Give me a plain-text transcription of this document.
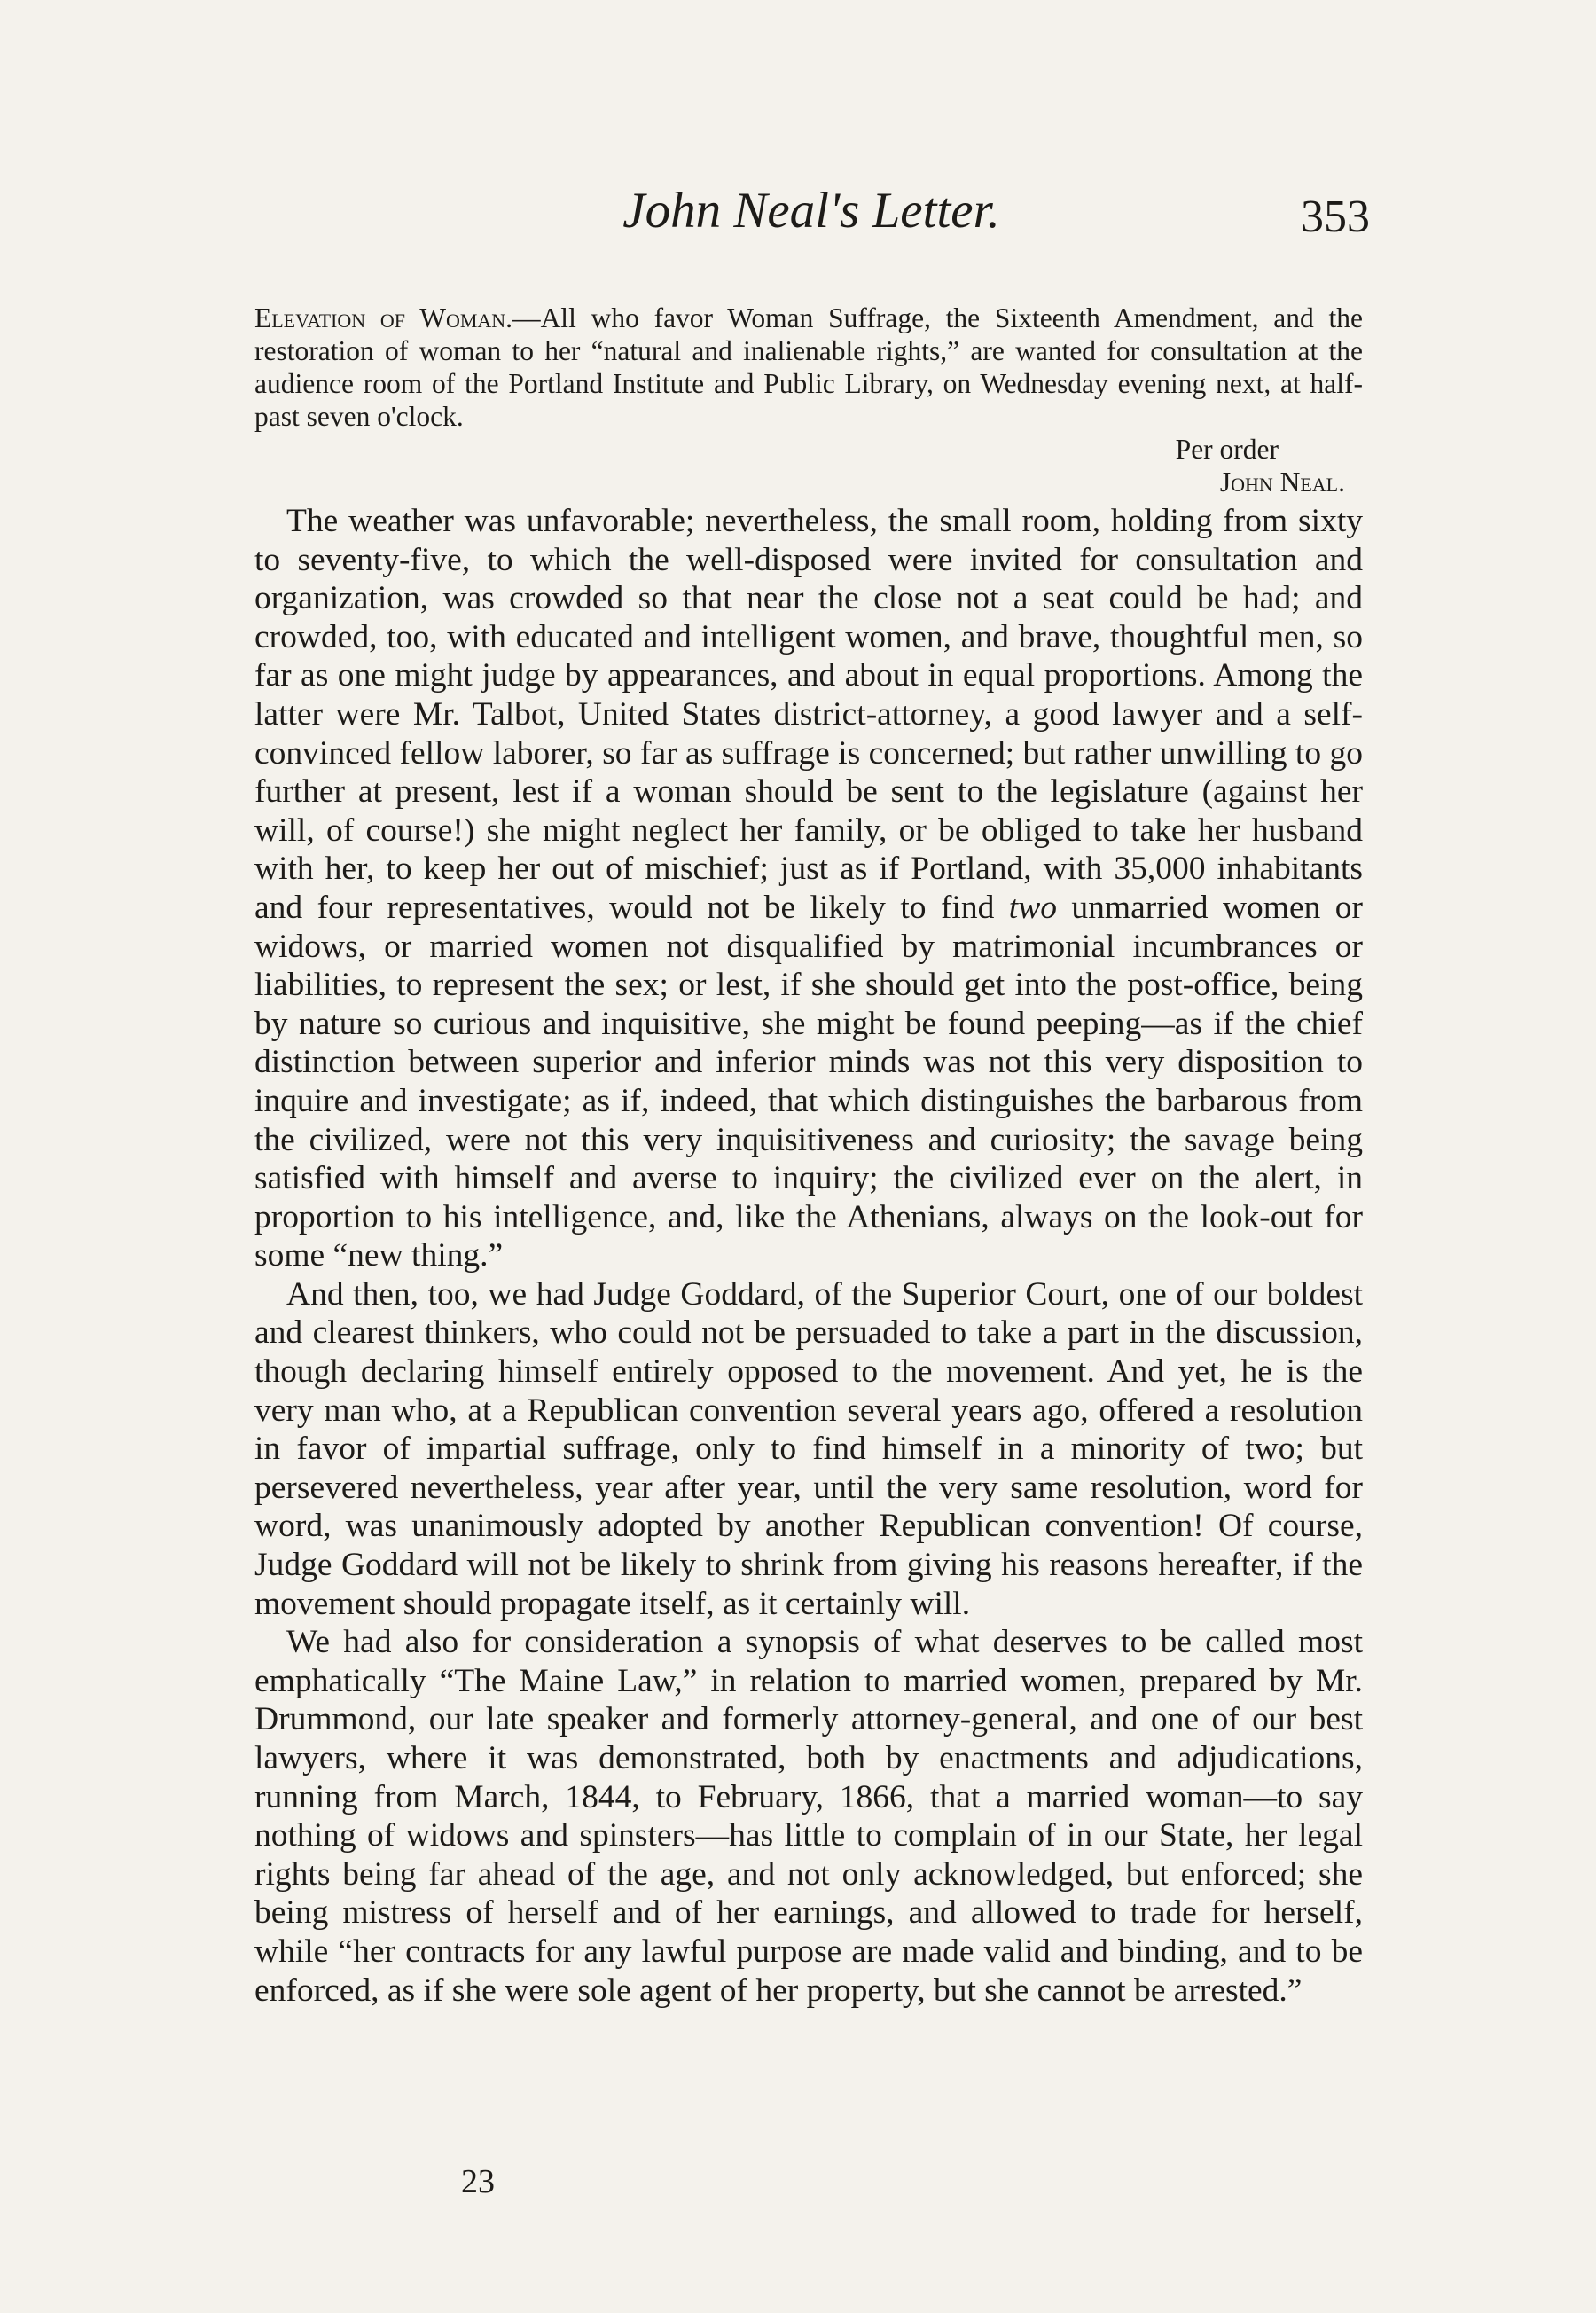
John Neal's Letter.	353

Elevation of Woman.—All who favor Woman Suffrage, the Sixteenth Amendment, and the restoration of woman to her “natural and inalienable rights,” are wanted for consultation at the audience room of the Portland Institute and Public Library, on Wednesday evening next, at half-past seven o'clock.

Per order

John Neal.

The weather was unfavorable; nevertheless, the small room, holding from sixty to seventy-five, to which the well-disposed were invited for consultation and organization, was crowded so that near the close not a seat could be had; and crowded, too, with educated and intelligent women, and brave, thoughtful men, so far as one might judge by appearances, and about in equal proportions. Among the latter were Mr. Talbot, United States district-attorney, a good lawyer and a self-convinced fellow laborer, so far as suffrage is concerned; but rather unwilling to go further at present, lest if a woman should be sent to the legislature (against her will, of course!) she might neglect her family, or be obliged to take her husband with her, to keep her out of mischief; just as if Portland, with 35,000 inhabitants and four representatives, would not be likely to find two unmarried women or widows, or married women not disqualified by matrimonial incumbrances or liabilities, to represent the sex; or lest, if she should get into the post-office, being by nature so curious and inquisitive, she might be found peeping—as if the chief distinction between superior and inferior minds was not this very disposition to inquire and investigate; as if, indeed, that which distinguishes the barbarous from the civilized, were not this very inquisitiveness and curiosity; the savage being satisfied with himself and averse to inquiry; the civilized ever on the alert, in proportion to his intelligence, and, like the Athenians, always on the look-out for some “new thing.”

And then, too, we had Judge Goddard, of the Superior Court, one of our boldest and clearest thinkers, who could not be persuaded to take a part in the discussion, though declaring himself entirely opposed to the movement. And yet, he is the very man who, at a Republican convention several years ago, offered a resolution in favor of impartial suffrage, only to find himself in a minority of two; but persevered nevertheless, year after year, until the very same resolution, word for word, was unanimously adopted by another Republican convention! Of course, Judge Goddard will not be likely to shrink from giving his reasons hereafter, if the movement should propagate itself, as it certainly will.

We had also for consideration a synopsis of what deserves to be called most emphatically “The Maine Law,” in relation to married women, prepared by Mr. Drummond, our late speaker and formerly attorney-general, and one of our best lawyers, where it was demonstrated, both by enactments and adjudications, running from March, 1844, to February, 1866, that a married woman—to say nothing of widows and spinsters—has little to complain of in our State, her legal rights being far ahead of the age, and not only acknowledged, but enforced; she being mistress of herself and of her earnings, and allowed to trade for herself, while “her contracts for any lawful purpose are made valid and binding, and to be enforced, as if she were sole agent of her property, but she cannot be arrested.”

23
